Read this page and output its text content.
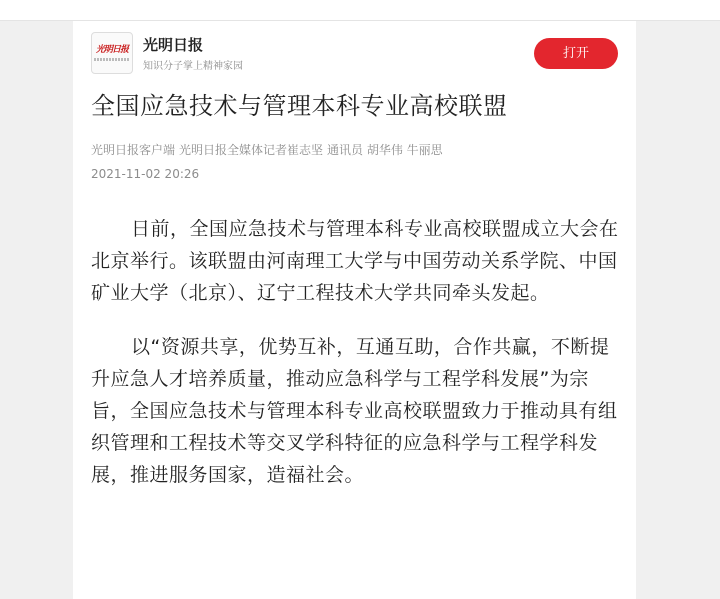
光明日报 光明日报
知识分子掌上精神家园
打开
全国应急技术与管理本科专业高校联盟
光明日报客户端 光明日报全媒体记者崔志坚 通讯员 胡华伟 牛丽思
2021-11-02 20:26

日前，全国应急技术与管理本科专业高校联盟成立大会在北京举行。该联盟由河南理工大学与中国劳动关系学院、中国矿业大学（北京）、辽宁工程技术大学共同牵头发起。

以“资源共享，优势互补，互通互助，合作共赢，不断提升应急人才培养质量，推动应急科学与工程学科发展”为宗旨，全国应急技术与管理本科专业高校联盟致力于推动具有组织管理和工程技术等交叉学科特征的应急科学与工程学科发展，推进服务国家，造福社会。
